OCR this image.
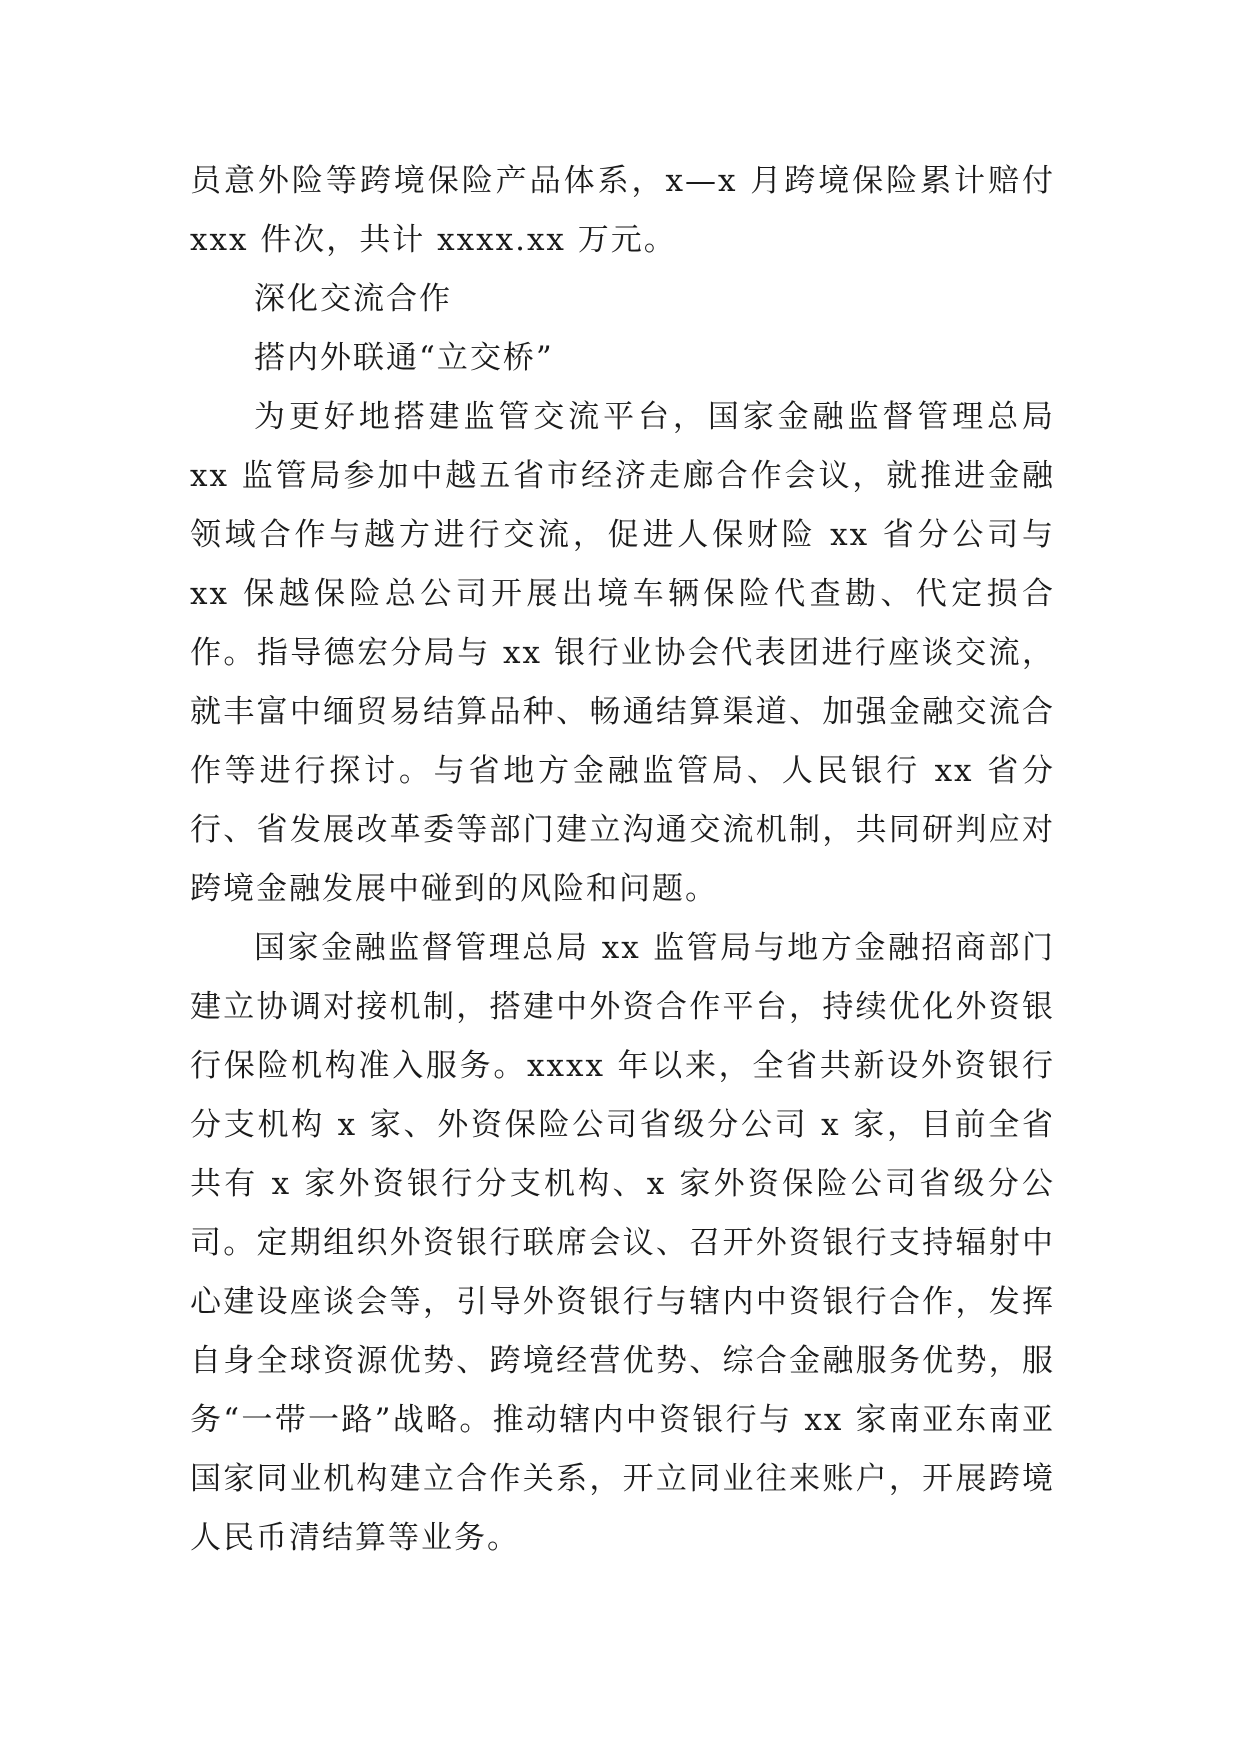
员意外险等跨境保险产品体系，x—x 月跨境保险累计赔付 xxx 件次，共计 xxxx.xx 万元。

深化交流合作

搭内外联通“立交桥”

为更好地搭建监管交流平台，国家金融监督管理总局 xx 监管局参加中越五省市经济走廊合作会议，就推进金融领域合作与越方进行交流，促进人保财险 xx 省分公司与 xx 保越保险总公司开展出境车辆保险代查勘、代定损合作。指导德宏分局与 xx 银行业协会代表团进行座谈交流，就丰富中缅贸易结算品种、畅通结算渠道、加强金融交流合作等进行探讨。与省地方金融监管局、人民银行 xx 省分行、省发展改革委等部门建立沟通交流机制，共同研判应对跨境金融发展中碰到的风险和问题。

国家金融监督管理总局 xx 监管局与地方金融招商部门建立协调对接机制，搭建中外资合作平台，持续优化外资银行保险机构准入服务。xxxx 年以来，全省共新设外资银行分支机构 x 家、外资保险公司省级分公司 x 家，目前全省共有 x 家外资银行分支机构、x 家外资保险公司省级分公司。定期组织外资银行联席会议、召开外资银行支持辐射中心建设座谈会等，引导外资银行与辖内中资银行合作，发挥自身全球资源优势、跨境经营优势、综合金融服务优势，服务“一带一路”战略。推动辖内中资银行与 xx 家南亚东南亚国家同业机构建立合作关系，开立同业往来账户，开展跨境人民币清结算等业务。
